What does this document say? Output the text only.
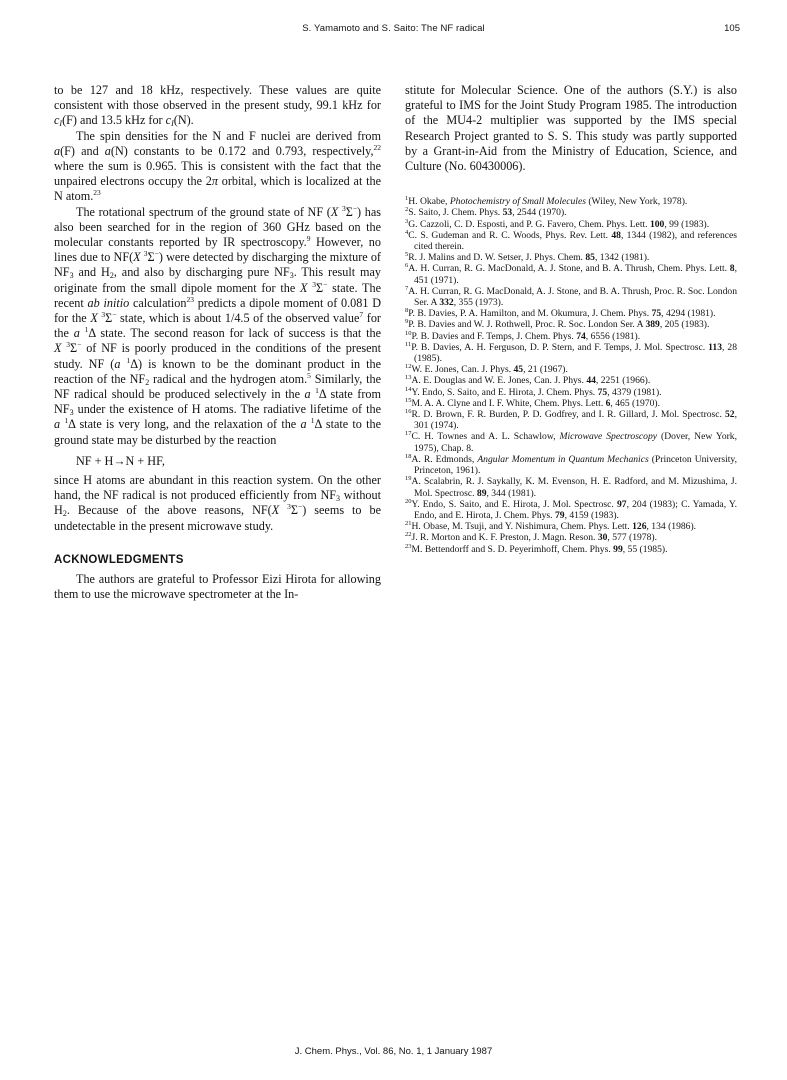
S. Yamamoto and S. Saito: The NF radical	105

to be 127 and 18 kHz, respectively. These values are quite consistent with those observed in the present study, 99.1 kHz for $c_I(F)$ and 13.5 kHz for $c_I(N)$.

The spin densities for the N and F nuclei are derived from a(F) and a(N) constants to be 0.172 and 0.793, respectively,$^{22}$ where the sum is 0.965. This is consistent with the fact that the unpaired electrons occupy the 2π orbital, which is localized at the N atom.$^{23}$

The rotational spectrum of the ground state of NF (X $^3$Σ−) has also been searched for in the region of 360 GHz based on the molecular constants reported by IR spectroscopy.$^9$ However, no lines due to NF(X $^3$Σ−) were detected by discharging the mixture of $NF_3$ and $H_2$, and also by discharging pure $NF_3$. This result may originate from the small dipole moment for the X $^3$Σ− state. The recent ab initio calculation$^{23}$ predicts a dipole moment of 0.081 D for the X $^3$Σ− state, which is about 1/4.5 of the observed value$^7$ for the a $^1$Δ state. The second reason for lack of success is that the X $^3$Σ− of NF is poorly produced in the conditions of the present study. NF (a $^1$Δ) is known to be the dominant product in the reaction of the $NF_2$ radical and the hydrogen atom.$^5$ Similarly, the NF radical should be produced selectively in the a $^1$Δ state from $NF_3$ under the existence of H atoms. The radiative lifetime of the a $^1$Δ state is very long, and the relaxation of the a $^1$Δ state to the ground state may be disturbed by the reaction

NF + H→N + HF,

since H atoms are abundant in this reaction system. On the other hand, the NF radical is not produced efficiently from $NF_3$ without $H_2$. Because of the above reasons, NF(X $^3$Σ−) seems to be undetectable in the present microwave study.

ACKNOWLEDGMENTS

The authors are grateful to Professor Eizi Hirota for allowing them to use the microwave spectrometer at the In-

stitute for Molecular Science. One of the authors (S.Y.) is also grateful to IMS for the Joint Study Program 1985. The introduction of the MU4-2 multiplier was supported by the IMS special Research Project granted to S. S. This study was partly supported by a Grant-in-Aid from the Ministry of Education, Science, and Culture (No. 60430006).

$^1$H. Okabe, Photochemistry of Small Molecules (Wiley, New York, 1978).

$^2$S. Saito, J. Chem. Phys. 53, 2544 (1970).

$^3$G. Cazzoli, C. D. Esposti, and P. G. Favero, Chem. Phys. Lett. 100, 99 (1983).

$^4$C. S. Gudeman and R. C. Woods, Phys. Rev. Lett. 48, 1344 (1982), and references cited therein.

$^5$R. J. Malins and D. W. Setser, J. Phys. Chem. 85, 1342 (1981).

$^6$A. H. Curran, R. G. MacDonald, A. J. Stone, and B. A. Thrush, Chem. Phys. Lett. 8, 451 (1971).

$^7$A. H. Curran, R. G. MacDonald, A. J. Stone, and B. A. Thrush, Proc. R. Soc. London Ser. A 332, 355 (1973).

$^8$P. B. Davies, P. A. Hamilton, and M. Okumura, J. Chem. Phys. 75, 4294 (1981).

$^9$P. B. Davies and W. J. Rothwell, Proc. R. Soc. London Ser. A 389, 205 (1983).

$^{10}$P. B. Davies and F. Temps, J. Chem. Phys. 74, 6556 (1981).

$^{11}$P. B. Davies, A. H. Ferguson, D. P. Stern, and F. Temps, J. Mol. Spectrosc. 113, 28 (1985).

$^{12}$W. E. Jones, Can. J. Phys. 45, 21 (1967).

$^{13}$A. E. Douglas and W. E. Jones, Can. J. Phys. 44, 2251 (1966).

$^{14}$Y. Endo, S. Saito, and E. Hirota, J. Chem. Phys. 75, 4379 (1981).

$^{15}$M. A. A. Clyne and I. F. White, Chem. Phys. Lett. 6, 465 (1970).

$^{16}$R. D. Brown, F. R. Burden, P. D. Godfrey, and I. R. Gillard, J. Mol. Spectrosc. 52, 301 (1974).

$^{17}$C. H. Townes and A. L. Schawlow, Microwave Spectroscopy (Dover, New York, 1975), Chap. 8.

$^{18}$A. R. Edmonds, Angular Momentum in Quantum Mechanics (Princeton University, Princeton, 1961).

$^{19}$A. Scalabrin, R. J. Saykally, K. M. Evenson, H. E. Radford, and M. Mizushima, J. Mol. Spectrosc. 89, 344 (1981).

$^{20}$Y. Endo, S. Saito, and E. Hirota, J. Mol. Spectrosc. 97, 204 (1983); C. Yamada, Y. Endo, and E. Hirota, J. Chem. Phys. 79, 4159 (1983).

$^{21}$H. Obase, M. Tsuji, and Y. Nishimura, Chem. Phys. Lett. 126, 134 (1986).

$^{22}$J. R. Morton and K. F. Preston, J. Magn. Reson. 30, 577 (1978).

$^{23}$M. Bettendorff and S. D. Peyerimhoff, Chem. Phys. 99, 55 (1985).

J. Chem. Phys., Vol. 86, No. 1, 1 January 1987
